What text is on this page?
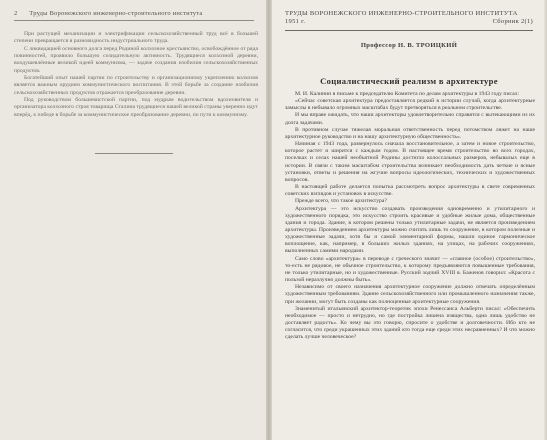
2 Труды Воронежского инженерно-строительного института

При растущей механизации и электрификации сельскохозяйственный труд всё в большей степени превращается в разновидность индустриального труда.

С ликвидацией основного долга перед Родиной колхозное крестьянство, освобождённое от ряда повинностей, проявило большую созидательную активность. Трудящиеся колхозной деревни, воодушевлённые великой идеей коммунизма, — задаче создания изобилия сельскохозяйственных продуктов.

Богатейший опыт нашей партии по строительству и организационному укреплению колхозов является важным орудием коммунистического воспитания. В этой борьбе за создание изобилия сельскохозяйственных продуктов отражается преобразование деревни.

Под руководством большевистской партии, под мудрым водительством вдохновителя и организатора колхозного строя товарища Сталина трудящиеся нашей великой страны уверенно идут вперёд, к победе в борьбе за коммунистическое преобразование деревни, по пути к коммунизму.

ТРУДЫ ВОРОНЕЖСКОГО ИНЖЕНЕРНО-СТРОИТЕЛЬНОГО ИНСТИТУТА
1951 г.	Сборник 2(1)
Профессор Н. В. ТРОИЦКИЙ
Социалистический реализм в архитектуре

М. И. Калинин в письме к председателю Комитета по делам архитектуры в 1943 году писал:

«Сейчас советская архитектура предоставляется редкий в истории случай, когда архитектурные замыслы в небывало огромных масштабах будут претворяться в реальном строительстве.

И мы вправе ожидать, что наши архитекторы удовлетворительно справятся с вытекающими из их долга задачами.

В противном случае тяжелая моральная ответственность перед потомством ляжет на наше архитектурное руководство и на нашу архитектурную общественность».

Начиная с 1943 года, развернулось сначала восстановительное, а затем и новое строительство, которое растет и ширится с каждым годом. В настоящее время строительство во всех городах, поселках и селах нашей необъятной Родины достигло колоссальных размеров, небывалых еще в истории. В связи с таким масштабом строительства возникает необходимость дать четкие и ясные установки, ответы и решения на жгучие вопросы идеологических, технических и художественных вопросов.

В настоящей работе делается попытка рассмотреть вопрос архитектуры в свете современных советских взглядов и установок в искусстве.

Прежде всего, что такое архитектура?

Архитектура — это искусство создавать произведения одновременно и утилитарного и художественного порядка, это искусство строить красивые и удобные жилые дома, общественные здания и города. Здание, в котором решены только утилитарные задачи, не является произведением архитектуры. Произведением архитектуры можно считать лишь то сооружение, в котором полезные и художественные задачи, хотя бы и самой элементарной формы, нашли единое гармоническое воплощение, как, например, в больших жилых зданиях, на улицах, на рабочих сооружениях, выполненных самими народами.

Само слово «архитектура» в переводе с греческого значит — «главное (особое) строительство», то-есть не рядовое, не обычное строительство, к которому предъявляются повышенные требования, не только утилитарные, но и художественные. Русский зодчий XVIII в. Баженов говорил: «Красота с пользой неразлучно должны быть».

Независимо от своего назначения архитектурное сооружение должно отвечать определённым художественным требованиям. Здание сельскохозяйственного или промышленного назначения также, при желании, могут быть созданы как полноценные архитектурные сооружения.

Знаменитый итальянский архитектор-теоретик эпохи Ренессанса Альберти писал: «Обеспечить необходимое — просто и нетрудно, но где постройка лишена изящества, одна лишь удобство не доставляет радость». Ко чему вы это говорю, спросите о удобстве и долговечности. Ибо кто не согласится, что среди украшенных этих зданий кто тогда еще среди этих несравненных? И что можно сделать лучше человеческое?
